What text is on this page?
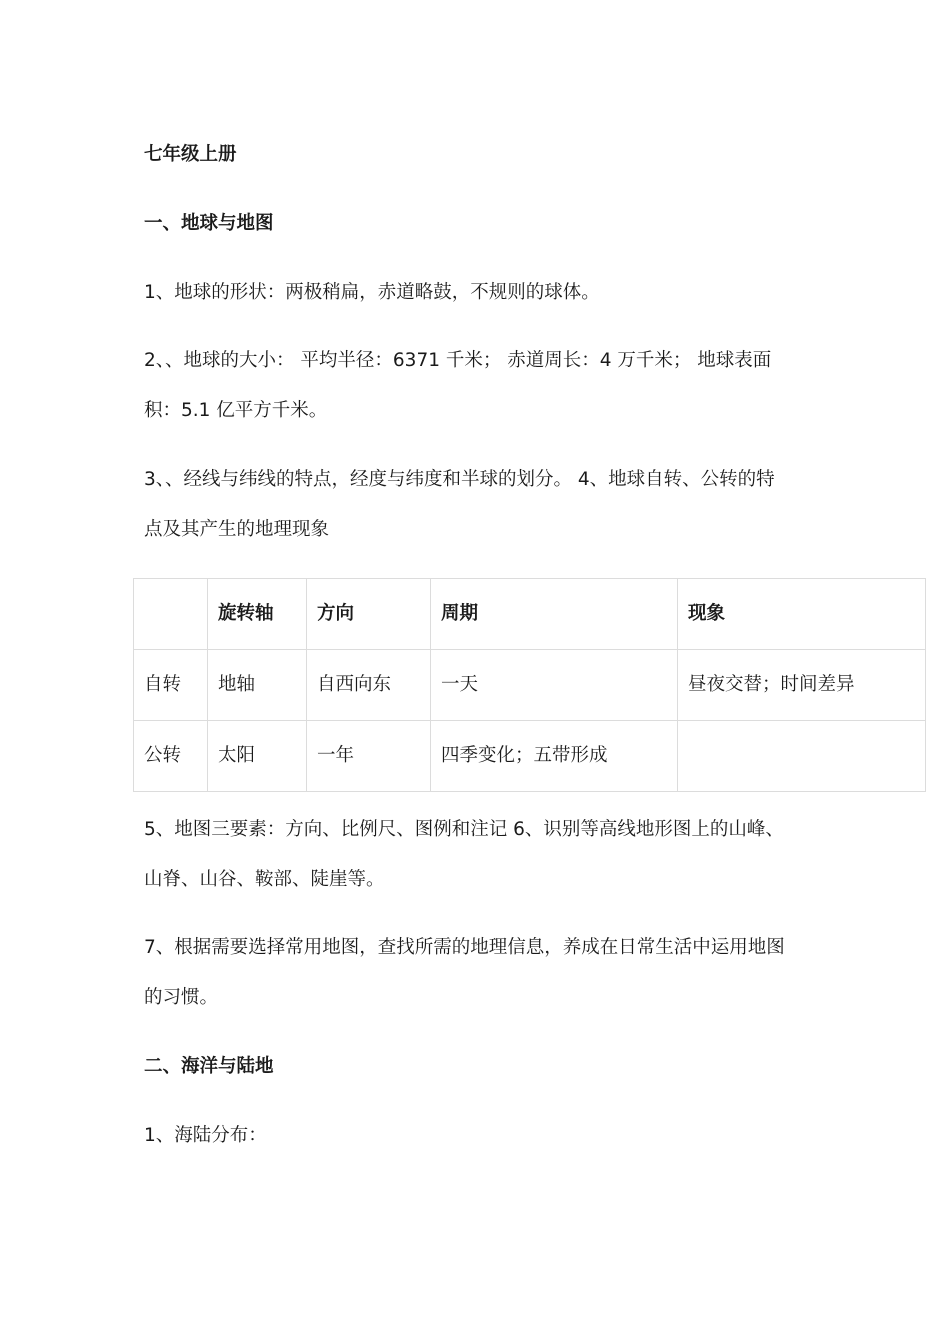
七年级上册
一、地球与地图
1、地球的形状：两极稍扁，赤道略鼓，不规则的球体。
2、、地球的大小： 平均半径：6371 千米； 赤道周长：4 万千米； 地球表面
积：5.1 亿平方千米。
3、、经线与纬线的特点，经度与纬度和半球的划分。 4、地球自转、公转的特
点及其产生的地理现象
	旋转轴	方向	周期	现象
自转	地轴	自西向东	一天	昼夜交替；时间差异
公转	太阳	一年	四季变化；五带形成	
5、地图三要素：方向、比例尺、图例和注记 6、识别等高线地形图上的山峰、
山脊、山谷、鞍部、陡崖等。
7、根据需要选择常用地图，查找所需的地理信息，养成在日常生活中运用地图
的习惯。
二、海洋与陆地
1、海陆分布：
